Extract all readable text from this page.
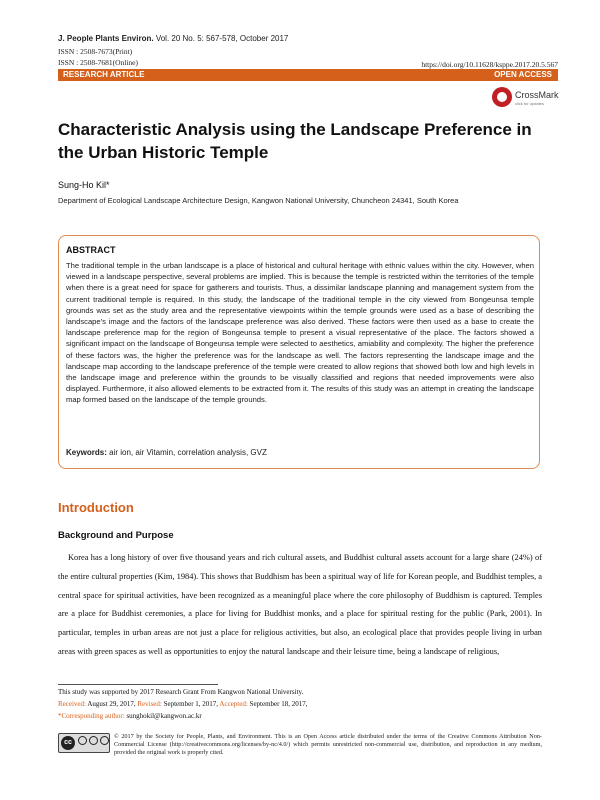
J. People Plants Environ. Vol. 20 No. 5: 567-578, October 2017
ISSN : 2508-7673(Print)
ISSN : 2508-7681(Online)	https://doi.org/10.11628/ksppe.2017.20.5.567
RESEARCH ARTICLE	OPEN ACCESS
CrossMark
click for updates
Characteristic Analysis using the Landscape Preference in the Urban Historic Temple
Sung-Ho Kil*
Department of Ecological Landscape Architecture Design, Kangwon National University, Chuncheon 24341, South Korea
ABSTRACT
The traditional temple in the urban landscape is a place of historical and cultural heritage with ethnic values within the city. However, when viewed in a landscape perspective, several problems are implied. This is because the temple is restricted within the territories of the temple when there is a great need for space for gatherers and tourists. Thus, a dissimilar landscape planning and management system from the current traditional temple is required. In this study, the landscape of the traditional temple in the city viewed from Bongeunsa temple grounds was set as the study area and the representative viewpoints within the temple grounds were used as a base of describing the landscape's image and the factors of the landscape preference was also derived. These factors were then used as a base to create the landscape preference map for the region of Bongeunsa temple to present a visual representative of the place. The factors showed a significant impact on the landscape of Bongeunsa temple were selected to aesthetics, amiability and complexity. The higher the preference of these factors was, the higher the preference was for the landscape as well. The factors representing the landscape image and the landscape map according to the landscape preference of the temple were created to allow regions that showed both low and high levels in the landscape image and preference within the grounds to be visually classified and regions that needed improvements were also displayed. Furthermore, it also allowed elements to be extracted from it. The results of this study was an attempt in creating the landscape map formed based on the landscape of the temple grounds.
Keywords: air ion, air Vitamin, correlation analysis, GVZ
Introduction
Background and Purpose
Korea has a long history of over five thousand years and rich cultural assets, and Buddhist cultural assets account for a large share (24%) of the entire cultural properties (Kim, 1984). This shows that Buddhism has been a spiritual way of life for Korean people, and Buddhist temples, a central space for spiritual activities, have been recognized as a meaningful place where the core philosophy of Buddhism is captured. Temples are a place for Buddhist ceremonies, a place for living for Buddhist monks, and a place for spiritual resting for the public (Park, 2001). In particular, temples in urban areas are not just a place for religious activities, but also, an ecological place that provides people living in urban areas with green spaces as well as opportunities to enjoy the natural landscape and their leisure time, being a landscape of religious,
This study was supported by 2017 Research Grant From Kangwon National University.
Received: August 29, 2017, Revised: September 1, 2017, Accepted: September 18, 2017,
*Corresponding author: sunghokil@kangwon.ac.kr
cc
© 2017 by the Society for People, Plants, and Environment. This is an Open Access article distributed under the terms of the Creative Commons Attribution Non-Commercial License (http://creativecommons.org/licenses/by-nc/4.0/) which permits unrestricted non-commercial use, distribution, and reproduction in any medium, provided the original work is properly cited.
